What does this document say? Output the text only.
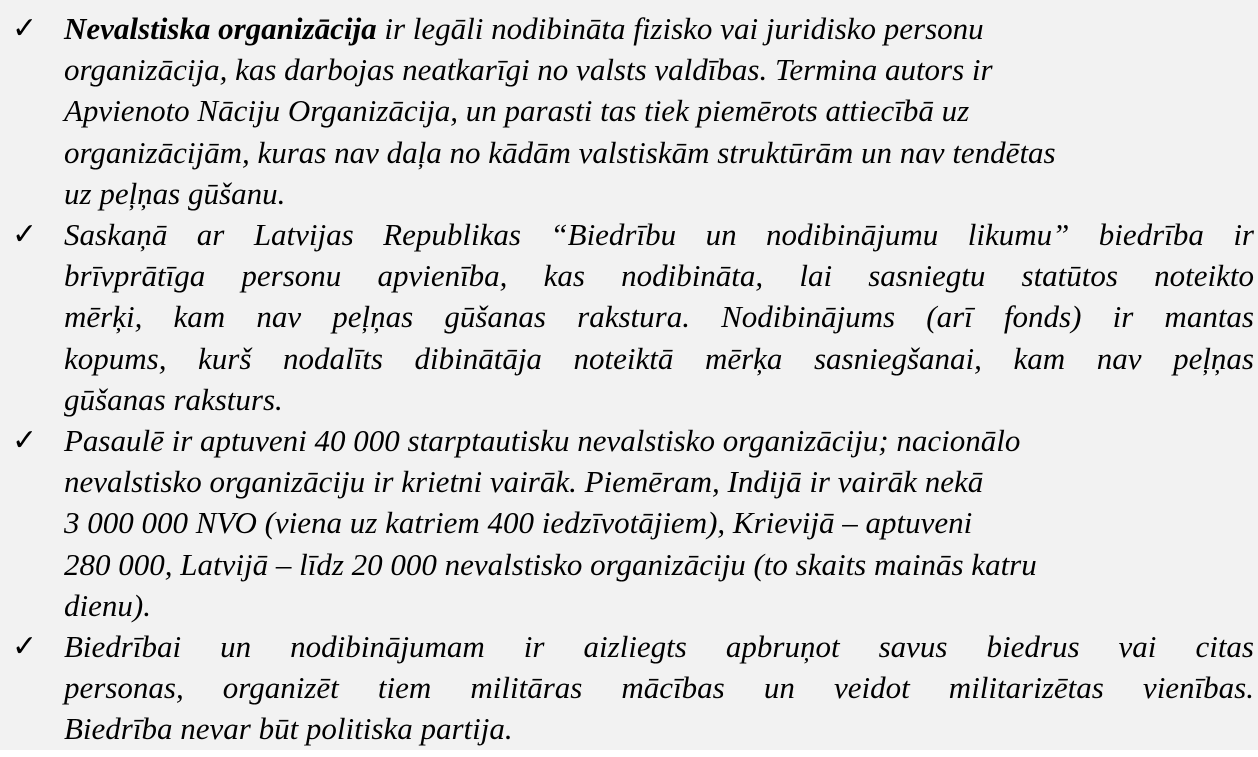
✓ Nevalstiska organizācija ir legāli nodibināta fizisko vai juridisko personu
organizācija, kas darbojas neatkarīgi no valsts valdības. Termina autors ir
Apvienoto Nāciju Organizācija, un parasti tas tiek piemērots attiecībā uz
organizācijām, kuras nav daļa no kādām valstiskām struktūrām un nav tendētas
uz peļņas gūšanu.
✓ Saskaņā ar Latvijas Republikas “Biedrību un nodibinājumu likumu” biedrība ir
brīvprātīga personu apvienība, kas nodibināta, lai sasniegtu statūtos noteikto
mērķi, kam nav peļņas gūšanas rakstura. Nodibinājums (arī fonds) ir mantas
kopums, kurš nodalīts dibinātāja noteiktā mērķa sasniegšanai, kam nav peļņas
gūšanas raksturs.
✓ Pasaulē ir aptuveni 40 000 starptautisku nevalstisko organizāciju; nacionālo
nevalstisko organizāciju ir krietni vairāk. Piemēram, Indijā ir vairāk nekā
3 000 000 NVO (viena uz katriem 400 iedzīvotājiem), Krievijā – aptuveni
280 000, Latvijā – līdz 20 000 nevalstisko organizāciju (to skaits mainās katru
dienu).
✓ Biedrībai un nodibinājumam ir aizliegts apbruņot savus biedrus vai citas
personas, organizēt tiem militāras mācības un veidot militarizētas vienības.
Biedrība nevar būt politiska partija.
